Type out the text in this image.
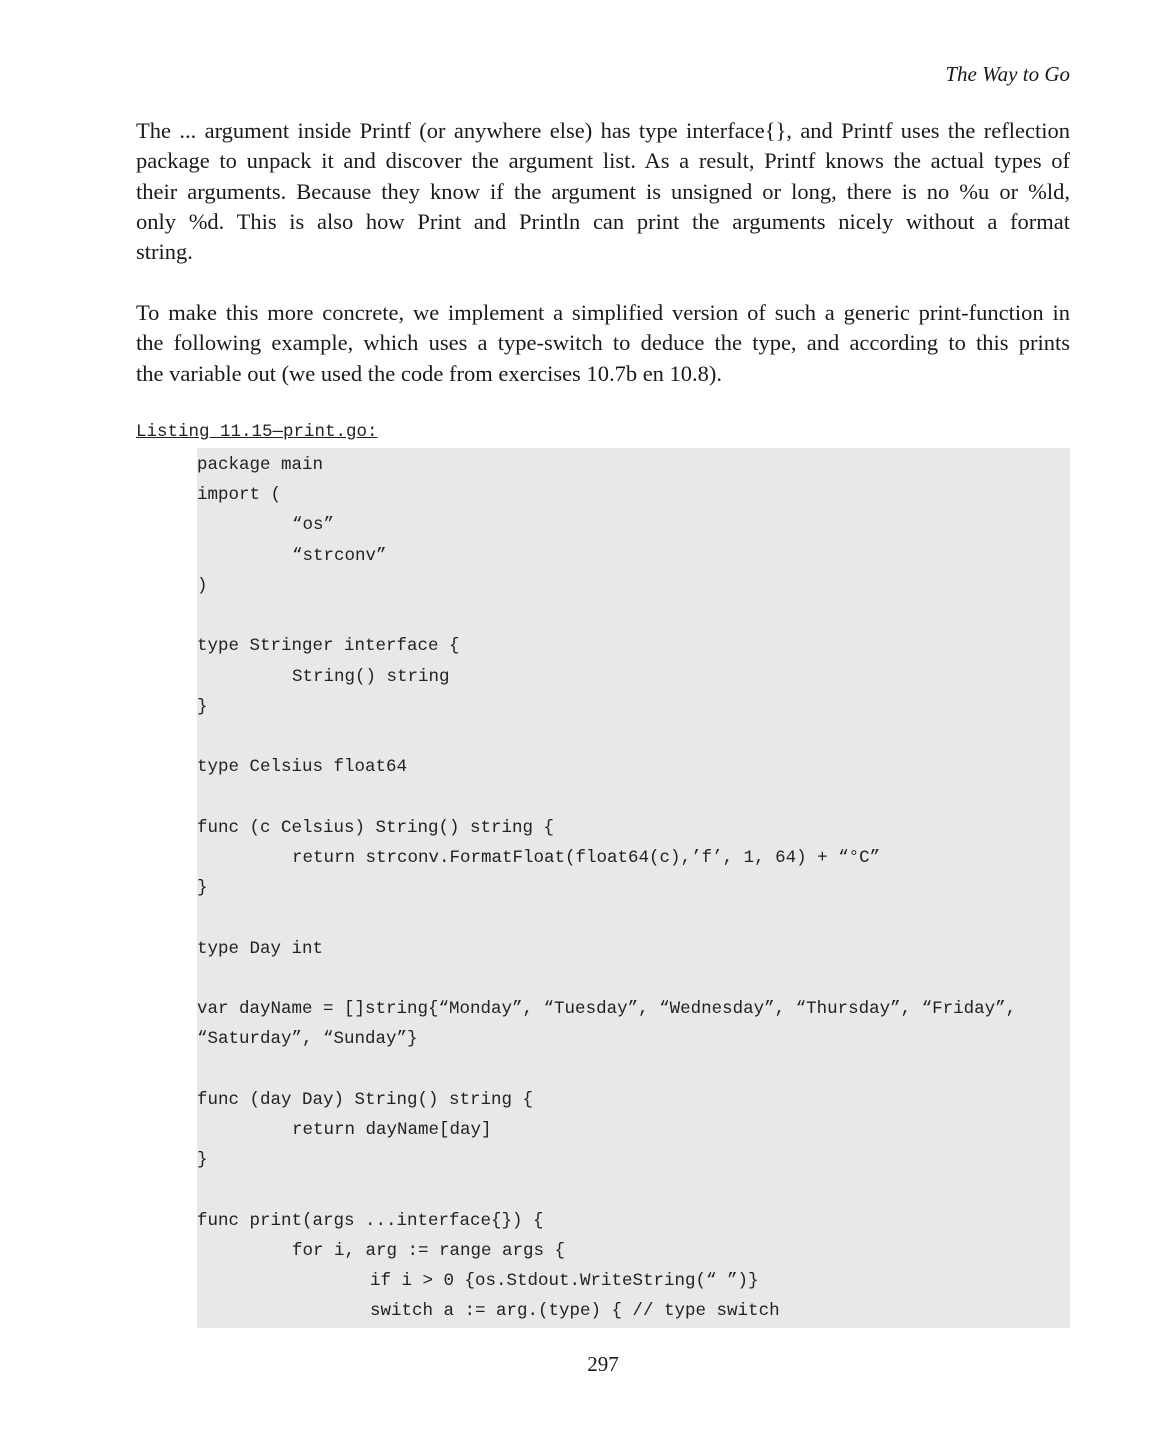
The Way to Go
The ... argument inside Printf (or anywhere else) has type interface{}, and Printf uses the reflection
package to unpack it and discover the argument list. As a result, Printf knows the actual types of
their arguments. Because they know if the argument is unsigned or long, there is no %u or %ld,
only %d. This is also how Print and Println can print the arguments nicely without a format
string.
To make this more concrete, we implement a simplified version of such a generic print-function in
the following example, which uses a type-switch to deduce the type, and according to this prints
the variable out (we used the code from exercises 10.7b en 10.8).
Listing 11.15—print.go:
package main
import (
“os”
“strconv”
)
type Stringer interface {
String() string
}
type Celsius float64
func (c Celsius) String() string {
return strconv.FormatFloat(float64(c),’f’, 1, 64) + “°C”
}
type Day int
var dayName = []string{“Monday”, “Tuesday”, “Wednesday”, “Thursday”, “Friday”,
“Saturday”, “Sunday”}
func (day Day) String() string {
return dayName[day]
}
func print(args ...interface{}) {
for i, arg := range args {
if i > 0 {os.Stdout.WriteString(“ ”)}
switch a := arg.(type) { // type switch
297
